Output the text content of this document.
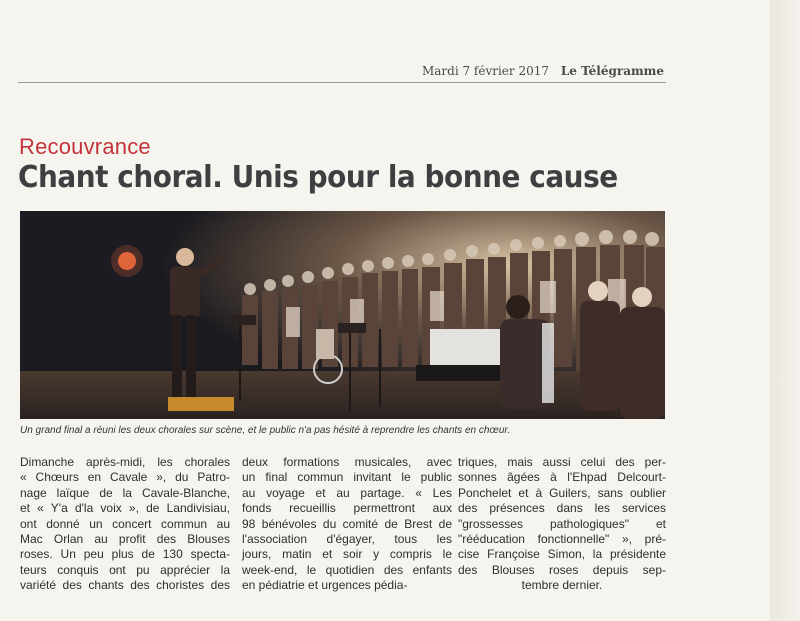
Mardi 7 février 2017 Le Télégramme
Recouvrance
Chant choral. Unis pour la bonne cause
Un grand final a réuni les deux chorales sur scène, et le public n'a pas hésité à reprendre les chants en chœur.

Dimanche après-midi, les chorales
« Chœurs en Cavale », du Patro-
nage laïque de la Cavale-Blanche,
et « Y'a d'la voix », de Landivisiau,
ont donné un concert commun au
Mac Orlan au profit des Blouses
roses. Un peu plus de 130 specta-
teurs conquis ont pu apprécier la
variété des chants des choristes des

deux formations musicales, avec
un final commun invitant le public
au voyage et au partage. « Les
fonds recueillis permettront aux
98 bénévoles du comité de Brest de
l'association d'égayer, tous les
jours, matin et soir y compris le
week-end, le quotidien des enfants
en pédiatrie et urgences pédia-

triques, mais aussi celui des per-
sonnes âgées à l'Ehpad Delcourt-
Ponchelet et à Guilers, sans oublier
des présences dans les services
"grossesses pathologiques" et
"rééducation fonctionnelle" », pré-
cise Françoise Simon, la présidente
des Blouses roses depuis sep-
tembre dernier.
